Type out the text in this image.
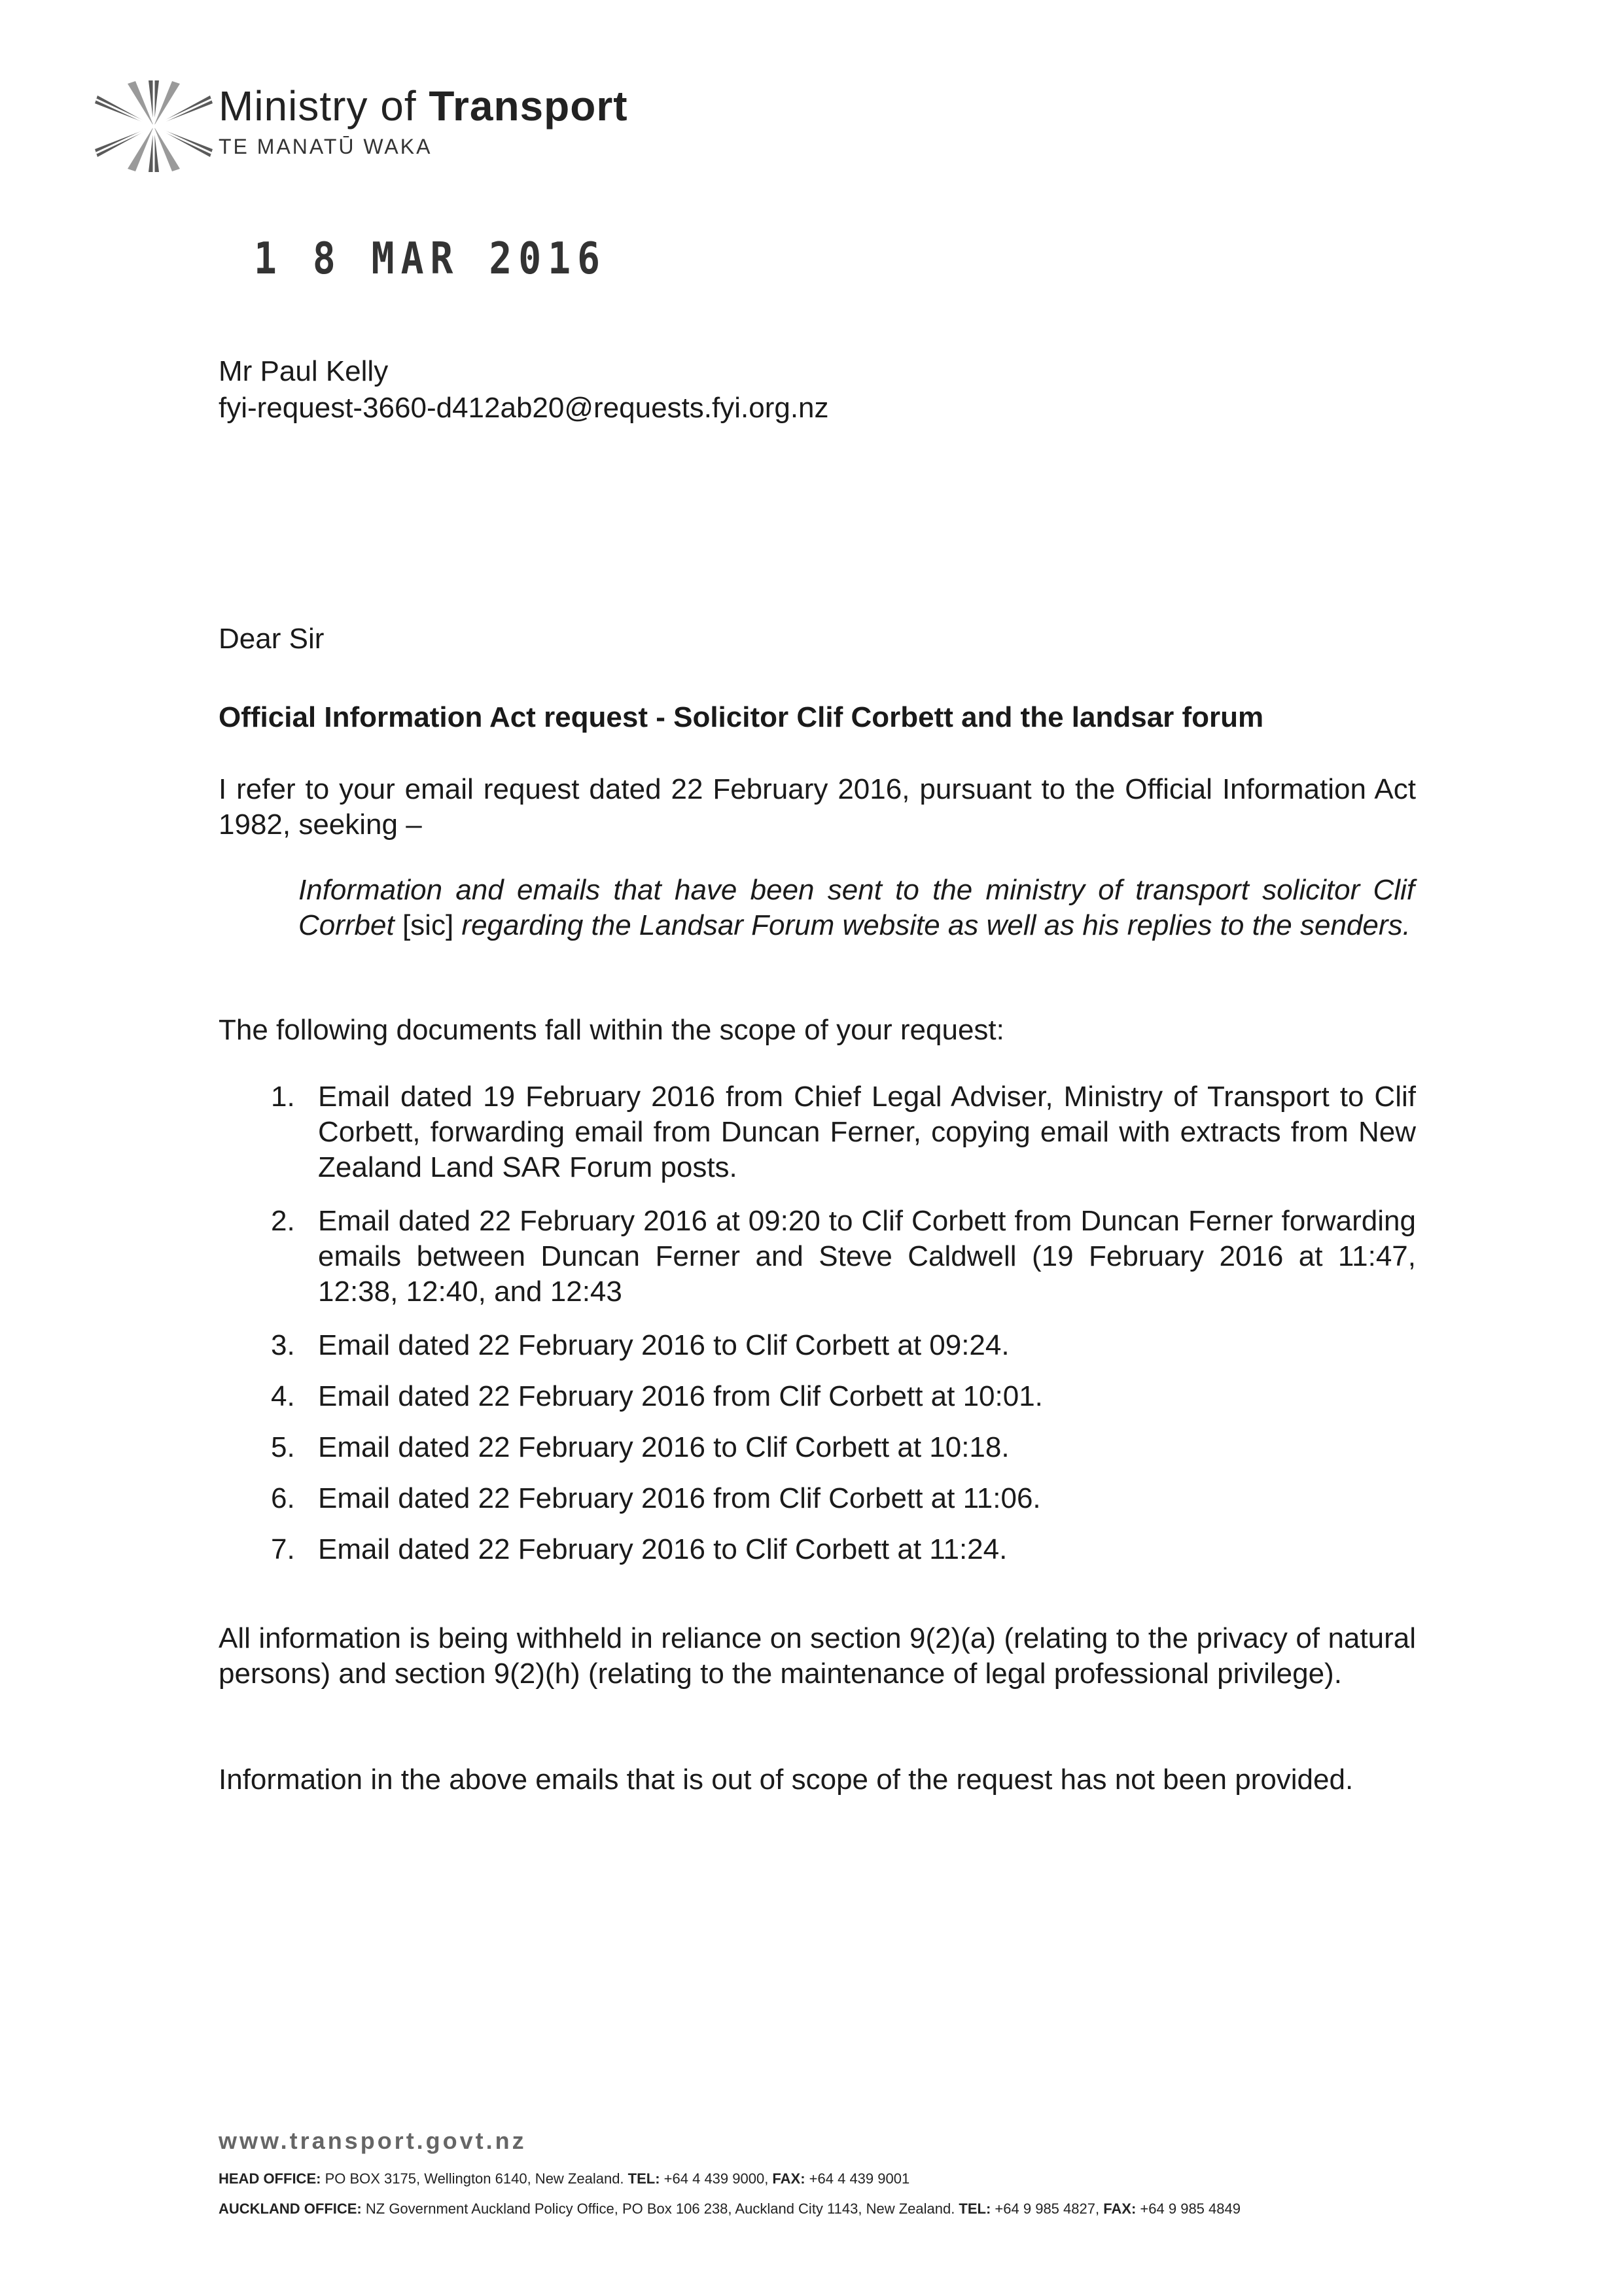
Ministry of Transport
TE MANATŪ WAKA
1 8 MAR 2016
Mr Paul Kelly
fyi-request-3660-d412ab20@requests.fyi.org.nz
Dear Sir
Official Information Act request - Solicitor Clif Corbett and the landsar forum
I refer to your email request dated 22 February 2016, pursuant to the Official Information Act 1982, seeking –
Information and emails that have been sent to the ministry of transport solicitor Clif Corrbet [sic] regarding the Landsar Forum website as well as his replies to the senders.
The following documents fall within the scope of your request:
1. Email dated 19 February 2016 from Chief Legal Adviser, Ministry of Transport to Clif Corbett, forwarding email from Duncan Ferner, copying email with extracts from New Zealand Land SAR Forum posts.
2. Email dated 22 February 2016 at 09:20 to Clif Corbett from Duncan Ferner forwarding emails between Duncan Ferner and Steve Caldwell (19 February 2016 at 11:47, 12:38, 12:40, and 12:43
3. Email dated 22 February 2016 to Clif Corbett at 09:24.
4. Email dated 22 February 2016 from Clif Corbett at 10:01.
5. Email dated 22 February 2016 to Clif Corbett at 10:18.
6. Email dated 22 February 2016 from Clif Corbett at 11:06.
7. Email dated 22 February 2016 to Clif Corbett at 11:24.
All information is being withheld in reliance on section 9(2)(a) (relating to the privacy of natural persons) and section 9(2)(h) (relating to the maintenance of legal professional privilege).
Information in the above emails that is out of scope of the request has not been provided.
www.transport.govt.nz
HEAD OFFICE: PO BOX 3175, Wellington 6140, New Zealand. TEL: +64 4 439 9000, FAX: +64 4 439 9001
AUCKLAND OFFICE: NZ Government Auckland Policy Office, PO Box 106 238, Auckland City 1143, New Zealand. TEL: +64 9 985 4827, FAX: +64 9 985 4849
